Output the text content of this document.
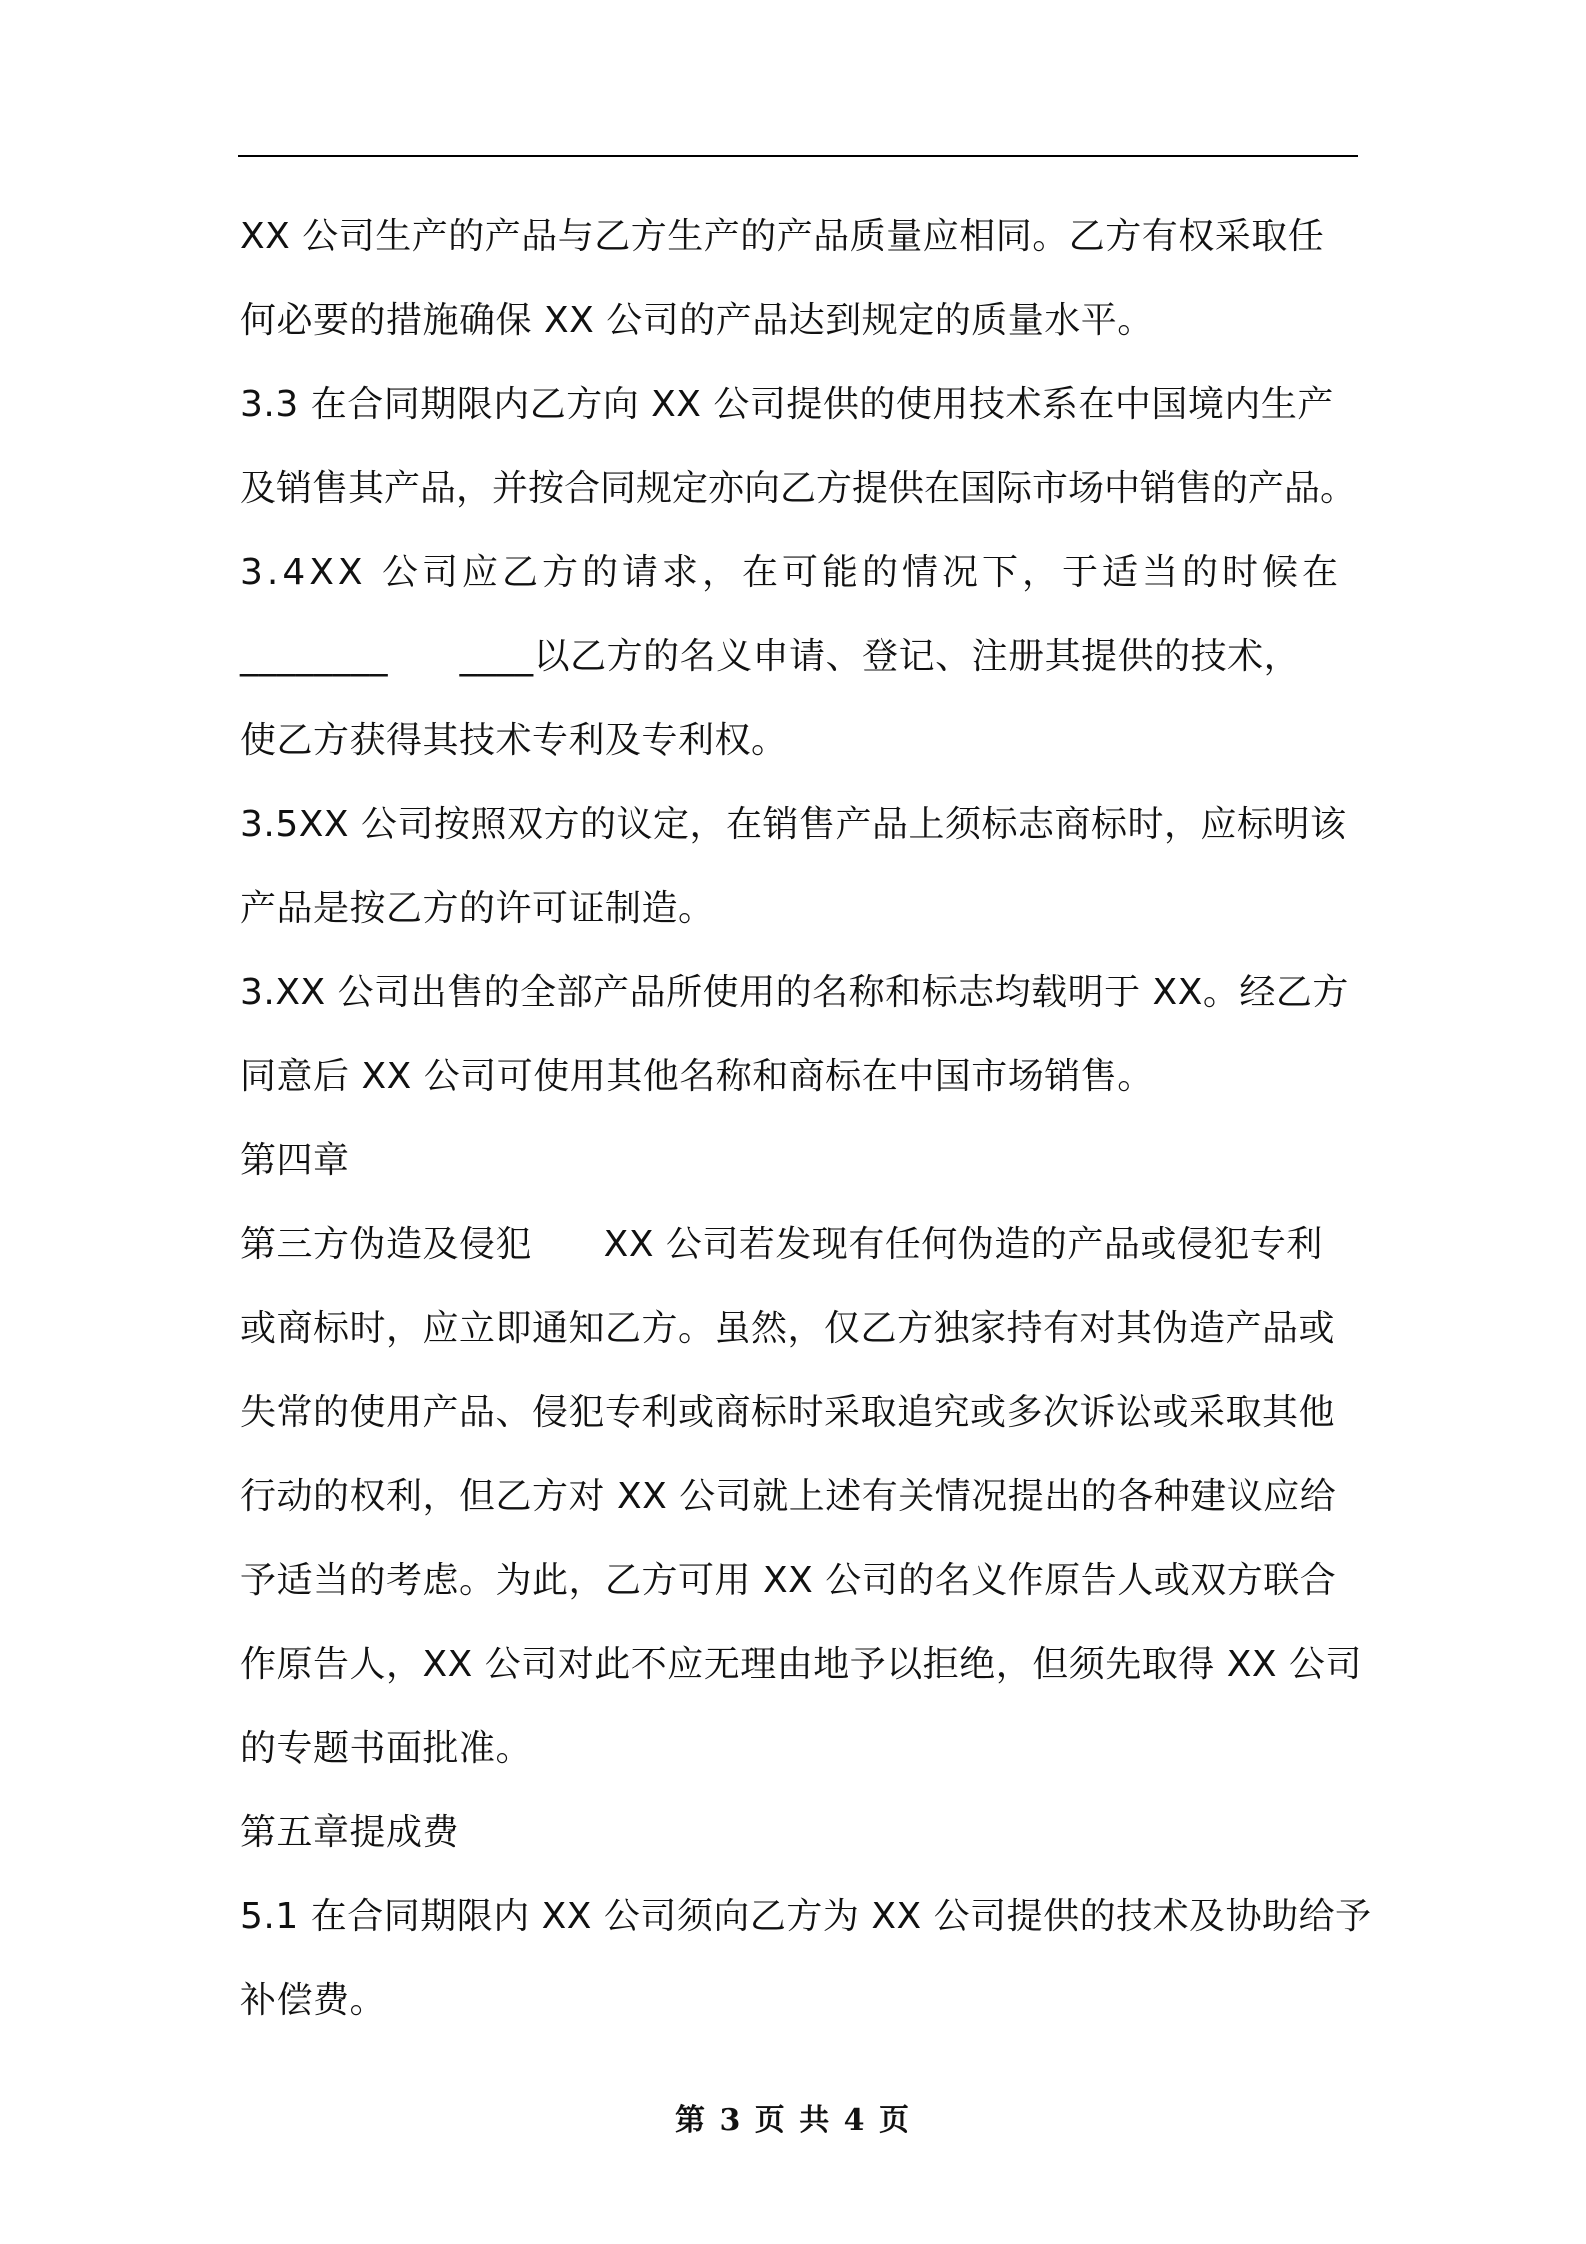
XX 公司生产的产品与乙方生产的产品质量应相同。乙方有权采取任
何必要的措施确保 XX 公司的产品达到规定的质量水平。
3.3 在合同期限内乙方向 XX 公司提供的使用技术系在中国境内生产
及销售其产品，并按合同规定亦向乙方提供在国际市场中销售的产品。
3.4XX 公司应乙方的请求，在可能的情况下，于适当的时候在
________      ____以乙方的名义申请、登记、注册其提供的技术，
使乙方获得其技术专利及专利权。
3.5XX 公司按照双方的议定，在销售产品上须标志商标时，应标明该
产品是按乙方的许可证制造。
3.XX 公司出售的全部产品所使用的名称和标志均载明于 XX。经乙方
同意后 XX 公司可使用其他名称和商标在中国市场销售。
第四章
第三方伪造及侵犯      XX 公司若发现有任何伪造的产品或侵犯专利
或商标时，应立即通知乙方。虽然，仅乙方独家持有对其伪造产品或
失常的使用产品、侵犯专利或商标时采取追究或多次诉讼或采取其他
行动的权利，但乙方对 XX 公司就上述有关情况提出的各种建议应给
予适当的考虑。为此，乙方可用 XX 公司的名义作原告人或双方联合
作原告人，XX 公司对此不应无理由地予以拒绝，但须先取得 XX 公司
的专题书面批准。
第五章提成费
5.1 在合同期限内 XX 公司须向乙方为 XX 公司提供的技术及协助给予
补偿费。
第 3 页 共 4 页
